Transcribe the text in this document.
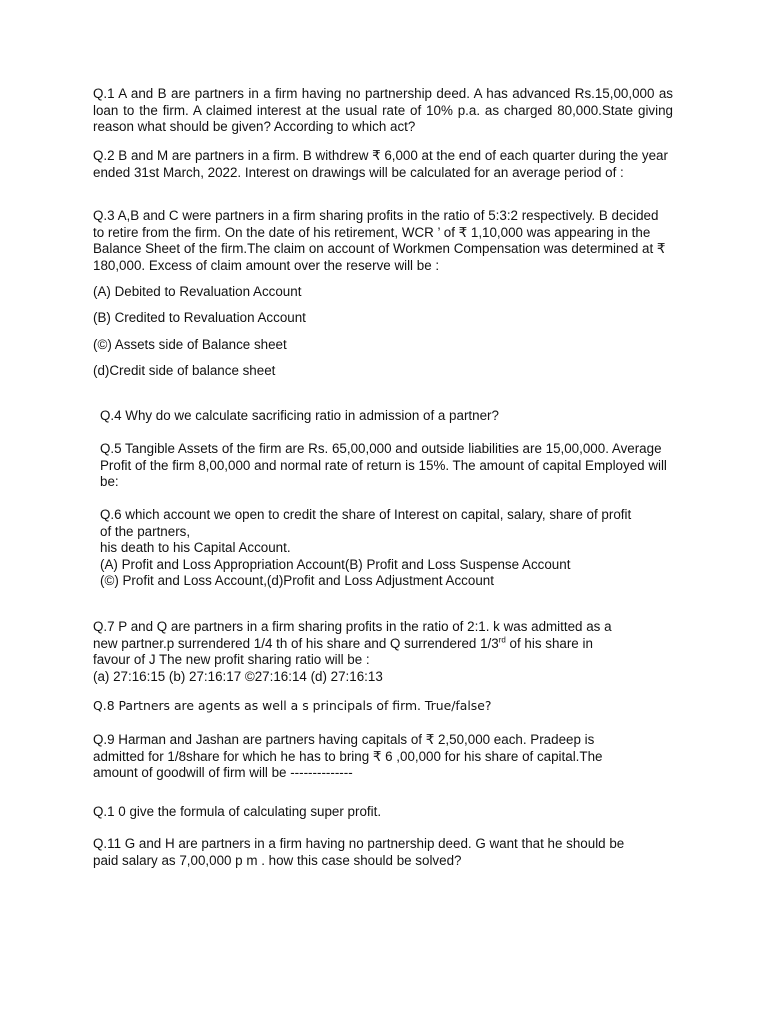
Q.1 A and B are partners in a firm having no partnership deed. A has advanced Rs.15,00,000 as loan to the firm. A claimed interest at the usual rate of 10% p.a. as charged 80,000.State giving reason what should be given? According to which act?

Q.2 B and M are partners in a firm. B withdrew ₹ 6,000 at the end of each quarter during the year ended 31st March, 2022. Interest on drawings will be calculated for an average period of :

Q.3 A,B and C were partners in a firm sharing profits in the ratio of 5:3:2 respectively. B decided to retire from the firm. On the date of his retirement, WCR ’ of ₹ 1,10,000 was appearing in the Balance Sheet of the firm.The claim on account of Workmen Compensation was determined at ₹ 180,000. Excess of claim amount over the reserve will be :

(A) Debited to Revaluation Account

(B) Credited to Revaluation Account

(©) Assets side of Balance sheet

(d)Credit side of balance sheet

Q.4 Why do we calculate sacrificing ratio in admission of a partner?

Q.5 Tangible Assets of the firm are Rs. 65,00,000 and outside liabilities are 15,00,000. Average Profit of the firm 8,00,000 and normal rate of return is 15%. The amount of capital Employed will be:

Q.6 which account we open to credit the share of Interest on capital, salary, share of profit
of the partners,
his death to his Capital Account.
(A) Profit and Loss Appropriation Account(B) Profit and Loss Suspense Account
(©) Profit and Loss Account,(d)Profit and Loss Adjustment Account
Q.7 P and Q are partners in a firm sharing profits in the ratio of 2:1. k was admitted as a
new partner.p surrendered 1/4 th of his share and Q surrendered 1/3rd of his share in
favour of J The new profit sharing ratio will be :
(a) 27:16:15 (b) 27:16:17 ©27:16:14 (d) 27:16:13

Q.8 Partners are agents as well a s principals of firm. True/false?

Q.9 Harman and Jashan are partners having capitals of ₹ 2,50,000 each. Pradeep is
admitted for 1/8share for which he has to bring ₹ 6 ,00,000 for his share of capital.The
amount of goodwill of firm will be --------------

Q.1 0 give the formula of calculating super profit.

Q.11 G and H are partners in a firm having no partnership deed. G want that he should be
paid salary as 7,00,000 p m . how this case should be solved?
